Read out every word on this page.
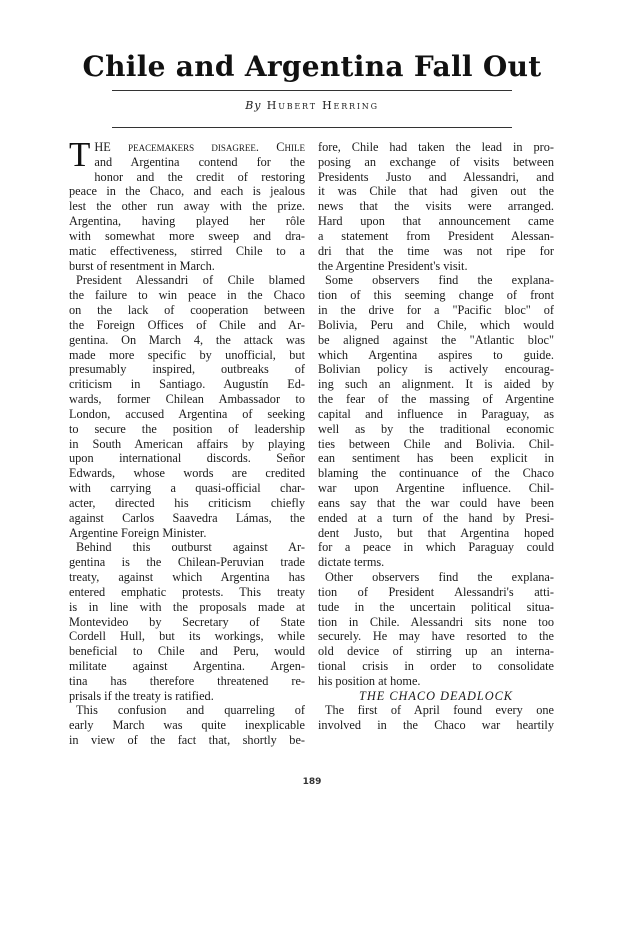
Chile and Argentina Fall Out
By Hubert Herring
T HE peacemakers disagree. Chile
and Argentina contend for the
honor and the credit of restoring
peace in the Chaco, and each is jealous
lest the other run away with the prize.
Argentina, having played her rôle
with somewhat more sweep and dra-
matic effectiveness, stirred Chile to a
burst of resentment in March.
President Alessandri of Chile blamed
the failure to win peace in the Chaco
on the lack of cooperation between
the Foreign Offices of Chile and Ar-
gentina. On March 4, the attack was
made more specific by unofficial, but
presumably inspired, outbreaks of
criticism in Santiago. Augustín Ed-
wards, former Chilean Ambassador to
London, accused Argentina of seeking
to secure the position of leadership
in South American affairs by playing
upon international discords. Señor
Edwards, whose words are credited
with carrying a quasi-official char-
acter, directed his criticism chiefly
against Carlos Saavedra Lámas, the
Argentine Foreign Minister.
Behind this outburst against Ar-
gentina is the Chilean-Peruvian trade
treaty, against which Argentina has
entered emphatic protests. This treaty
is in line with the proposals made at
Montevideo by Secretary of State
Cordell Hull, but its workings, while
beneficial to Chile and Peru, would
militate against Argentina. Argen-
tina has therefore threatened re-
prisals if the treaty is ratified.
This confusion and quarreling of
early March was quite inexplicable
in view of the fact that, shortly be-
fore, Chile had taken the lead in pro-
posing an exchange of visits between
Presidents Justo and Alessandri, and
it was Chile that had given out the
news that the visits were arranged.
Hard upon that announcement came
a statement from President Alessan-
dri that the time was not ripe for
the Argentine President's visit.
Some observers find the explana-
tion of this seeming change of front
in the drive for a "Pacific bloc" of
Bolivia, Peru and Chile, which would
be aligned against the "Atlantic bloc"
which Argentina aspires to guide.
Bolivian policy is actively encourag-
ing such an alignment. It is aided by
the fear of the massing of Argentine
capital and influence in Paraguay, as
well as by the traditional economic
ties between Chile and Bolivia. Chil-
ean sentiment has been explicit in
blaming the continuance of the Chaco
war upon Argentine influence. Chil-
eans say that the war could have been
ended at a turn of the hand by Presi-
dent Justo, but that Argentina hoped
for a peace in which Paraguay could
dictate terms.
Other observers find the explana-
tion of President Alessandri's atti-
tude in the uncertain political situa-
tion in Chile. Alessandri sits none too
securely. He may have resorted to the
old device of stirring up an interna-
tional crisis in order to consolidate
his position at home.
THE CHACO DEADLOCK
The first of April found every one
involved in the Chaco war heartily
189
